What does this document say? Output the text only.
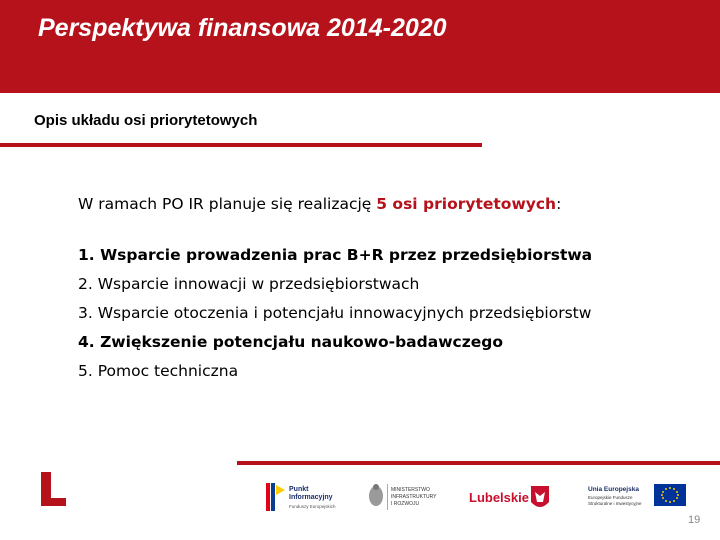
Perspektywa finansowa 2014-2020
Opis układu osi priorytetowych

W ramach PO IR planuje się realizację 5 osi priorytetowych:

1. Wsparcie prowadzenia prac B+R przez przedsiębiorstwa
2. Wsparcie innowacji w przedsiębiorstwach
3. Wsparcie otoczenia i potencjału innowacyjnych przedsiębiorstw
4. Zwiększenie potencjału naukowo-badawczego
5. Pomoc techniczna
Punkt
Informacyjny
Funduszy Europejskich
MINISTERSTWO
INFRASTRUKTURY
I ROZWOJU	Lubelskie
Unia Europejska
Europejskie Fundusze
Strukturalne i Inwestycyjne
19
